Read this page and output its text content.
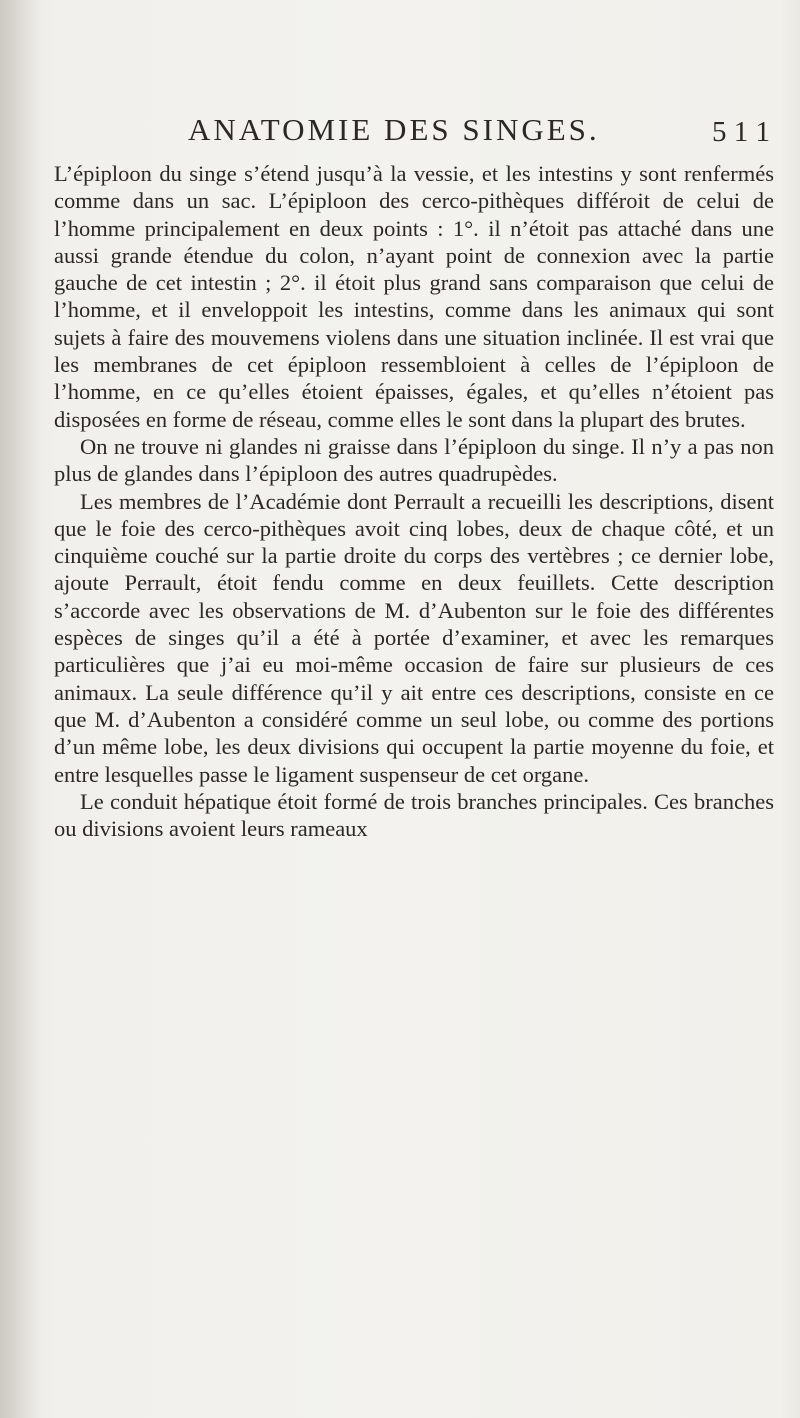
ANATOMIE DES SINGES.	5 1 1

L’épiploon du singe s’étend jusqu’à la vessie, et les intestins y sont renfermés comme dans un sac. L’épiploon des cerco-pithèques différoit de celui de l’homme principalement en deux points : 1°. il n’étoit pas attaché dans une aussi grande étendue du colon, n’ayant point de connexion avec la partie gauche de cet intestin ; 2°. il étoit plus grand sans comparaison que celui de l’homme, et il enveloppoit les intestins, comme dans les animaux qui sont sujets à faire des mouvemens violens dans une situation inclinée. Il est vrai que les membranes de cet épiploon ressembloient à celles de l’épiploon de l’homme, en ce qu’elles étoient épaisses, égales, et qu’elles n’étoient pas disposées en forme de réseau, comme elles le sont dans la plupart des brutes.

On ne trouve ni glandes ni graisse dans l’épiploon du singe. Il n’y a pas non plus de glandes dans l’épiploon des autres quadrupèdes.

Les membres de l’Académie dont Perrault a recueilli les descriptions, disent que le foie des cerco-pithèques avoit cinq lobes, deux de chaque côté, et un cinquième couché sur la partie droite du corps des vertèbres ; ce dernier lobe, ajoute Perrault, étoit fendu comme en deux feuillets. Cette description s’accorde avec les observations de M. d’Aubenton sur le foie des différentes espèces de singes qu’il a été à portée d’examiner, et avec les remarques particulières que j’ai eu moi-même occasion de faire sur plusieurs de ces animaux. La seule différence qu’il y ait entre ces descriptions, consiste en ce que M. d’Aubenton a considéré comme un seul lobe, ou comme des portions d’un même lobe, les deux divisions qui occupent la partie moyenne du foie, et entre lesquelles passe le ligament suspenseur de cet organe.

Le conduit hépatique étoit formé de trois branches principales. Ces branches ou divisions avoient leurs rameaux
